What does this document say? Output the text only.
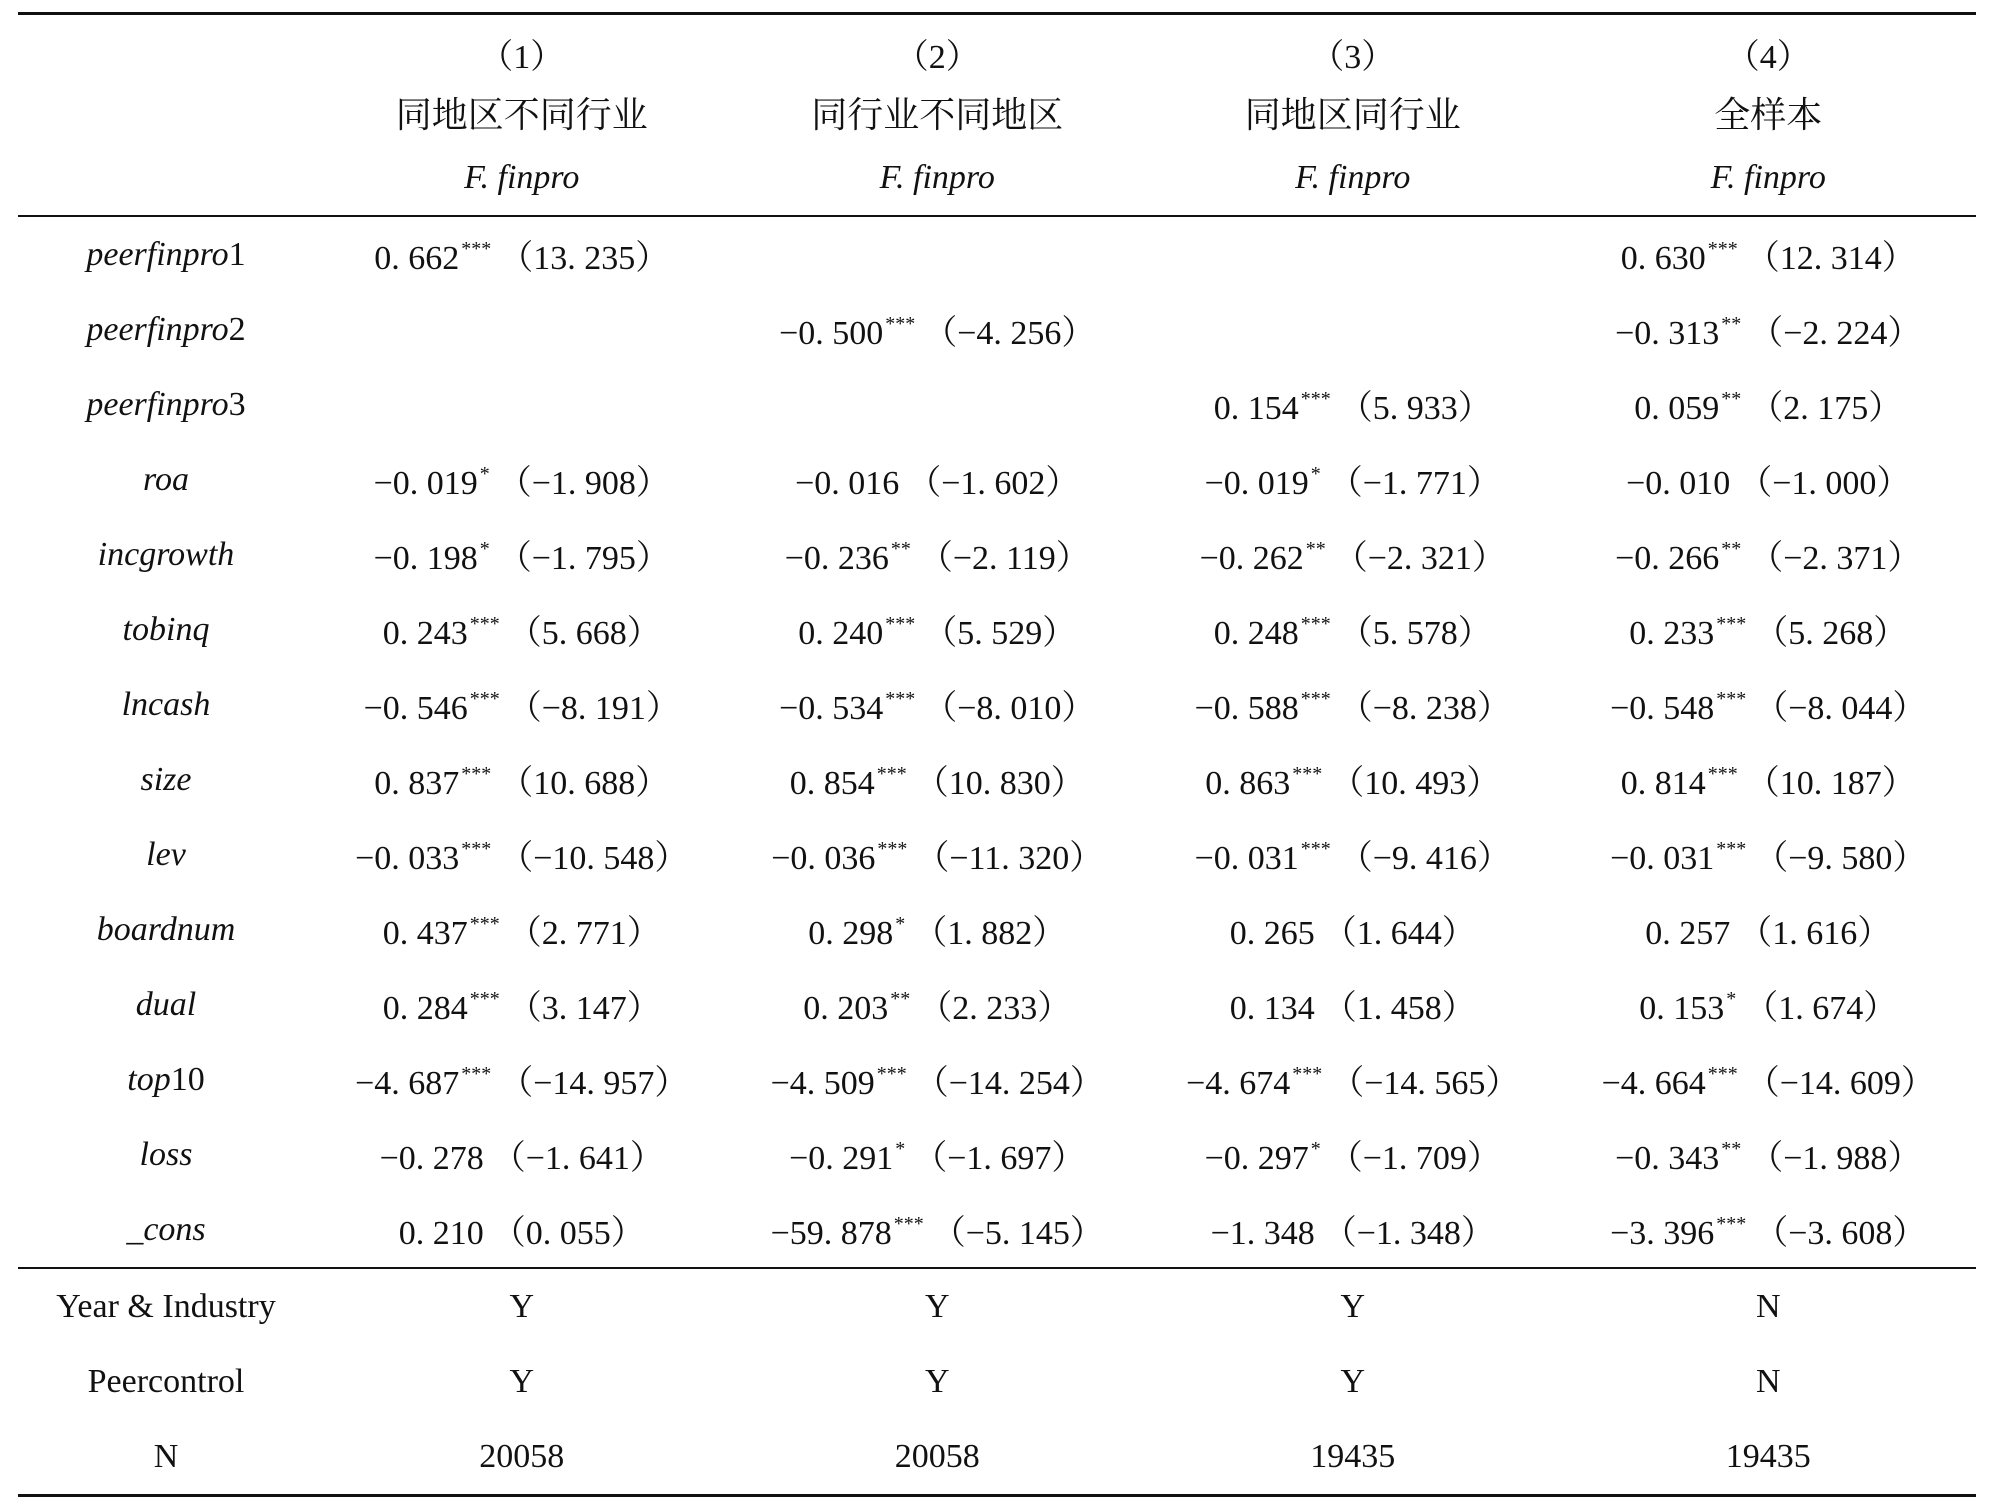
	（1）	（2）	（3）	（4）
	同地区不同行业	同行业不同地区	同地区同行业	全样本
	F. finpro	F. finpro	F. finpro	F. finpro
peerfinpro1	0. 662 *** （13. 235）			0. 630 *** （12. 314）
peerfinpro2		−0. 500 *** （−4. 256）		−0. 313 ** （−2. 224）
peerfinpro3			0. 154 *** （5. 933）	0. 059 ** （2. 175）
roa	−0. 019 * （−1. 908）	−0. 016 （−1. 602）	−0. 019 * （−1. 771）	−0. 010 （−1. 000）
incgrowth	−0. 198 * （−1. 795）	−0. 236 ** （−2. 119）	−0. 262 ** （−2. 321）	−0. 266 ** （−2. 371）
tobinq	0. 243 *** （5. 668）	0. 240 *** （5. 529）	0. 248 *** （5. 578）	0. 233 *** （5. 268）
lncash	−0. 546 *** （−8. 191）	−0. 534 *** （−8. 010）	−0. 588 *** （−8. 238）	−0. 548 *** （−8. 044）
size	0. 837 *** （10. 688）	0. 854 *** （10. 830）	0. 863 *** （10. 493）	0. 814 *** （10. 187）
lev	−0. 033 *** （−10. 548）	−0. 036 *** （−11. 320）	−0. 031 *** （−9. 416）	−0. 031 *** （−9. 580）
boardnum	0. 437 *** （2. 771）	0. 298 * （1. 882）	0. 265 （1. 644）	0. 257 （1. 616）
dual	0. 284 *** （3. 147）	0. 203 ** （2. 233）	0. 134 （1. 458）	0. 153 * （1. 674）
top10	−4. 687 *** （−14. 957）	−4. 509 *** （−14. 254）	−4. 674 *** （−14. 565）	−4. 664 *** （−14. 609）
loss	−0. 278 （−1. 641）	−0. 291 * （−1. 697）	−0. 297 * （−1. 709）	−0. 343 ** （−1. 988）
_cons	0. 210 （0. 055）	−59. 878 *** （−5. 145）	−1. 348 （−1. 348）	−3. 396 *** （−3. 608）
Year & Industry	Y	Y	Y	N
Peercontrol	Y	Y	Y	N
N	20058	20058	19435	19435
